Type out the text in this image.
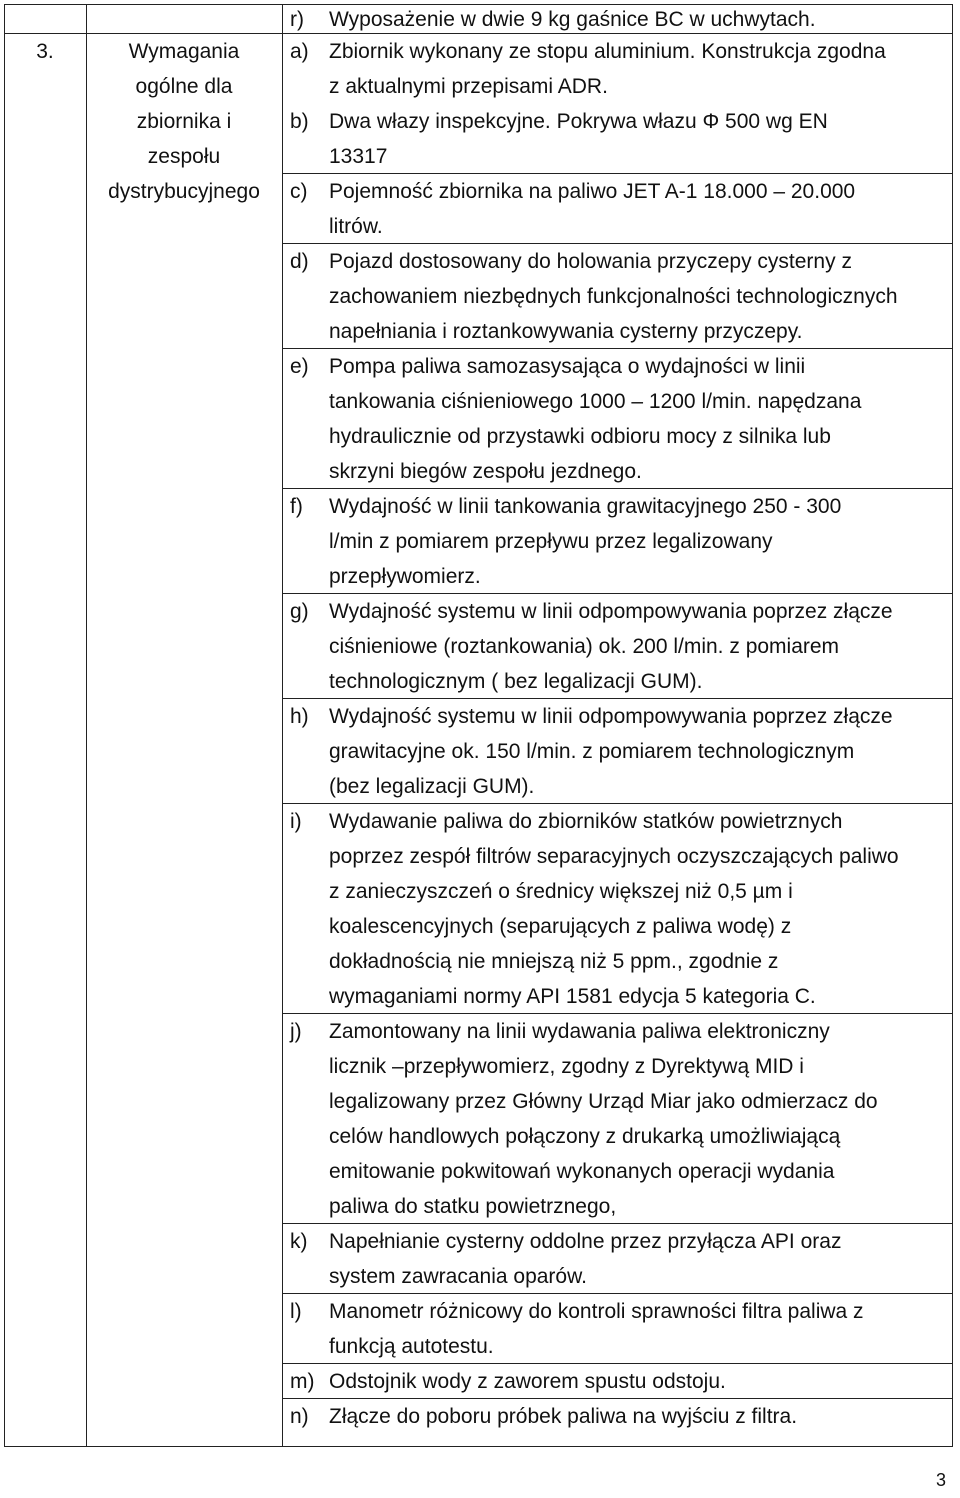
3.	Wymagania
ogólne dla
zbiornika i
zespołu
dystrybucyjnego
3
r) Wyposażenie w dwie 9 kg gaśnice BC w uchwytach.
a) Zbiornik wykonany ze stopu aluminium. Konstrukcja zgodna
z aktualnymi przepisami ADR.
b) Dwa włazy inspekcyjne. Pokrywa włazu Φ 500 wg EN
13317
c) Pojemność zbiornika na paliwo JET A-1 18.000 – 20.000
litrów.
d) Pojazd dostosowany do holowania przyczepy cysterny z
zachowaniem niezbędnych funkcjonalności technologicznych
napełniania i roztankowywania cysterny przyczepy.
e) Pompa paliwa samozasysająca o wydajności w linii
tankowania ciśnieniowego 1000 – 1200 l/min. napędzana
hydraulicznie od przystawki odbioru mocy z silnika lub
skrzyni biegów zespołu jezdnego.
f) Wydajność w linii tankowania grawitacyjnego 250 - 300
l/min z pomiarem przepływu przez legalizowany
przepływomierz.
g) Wydajność systemu w linii odpompowywania poprzez złącze
ciśnieniowe (roztankowania) ok. 200 l/min. z pomiarem
technologicznym ( bez legalizacji GUM).
h) Wydajność systemu w linii odpompowywania poprzez złącze
grawitacyjne ok. 150 l/min. z pomiarem technologicznym
(bez legalizacji GUM).
i) Wydawanie paliwa do zbiorników statków powietrznych
poprzez zespół filtrów separacyjnych oczyszczających paliwo
z zanieczyszczeń o średnicy większej niż 0,5 µm i
koalescencyjnych (separujących z paliwa wodę) z
dokładnością nie mniejszą niż 5 ppm., zgodnie z
wymaganiami normy API 1581 edycja 5 kategoria C.
j) Zamontowany na linii wydawania paliwa elektroniczny
licznik –przepływomierz, zgodny z Dyrektywą MID i
legalizowany przez Główny Urząd Miar jako odmierzacz do
celów handlowych połączony z drukarką umożliwiającą
emitowanie pokwitowań wykonanych operacji wydania
paliwa do statku powietrznego,
k) Napełnianie cysterny oddolne przez przyłącza API oraz
system zawracania oparów.
l) Manometr różnicowy do kontroli sprawności filtra paliwa z
funkcją autotestu.
m) Odstojnik wody z zaworem spustu odstoju.
n) Złącze do poboru próbek paliwa na wyjściu z filtra.
